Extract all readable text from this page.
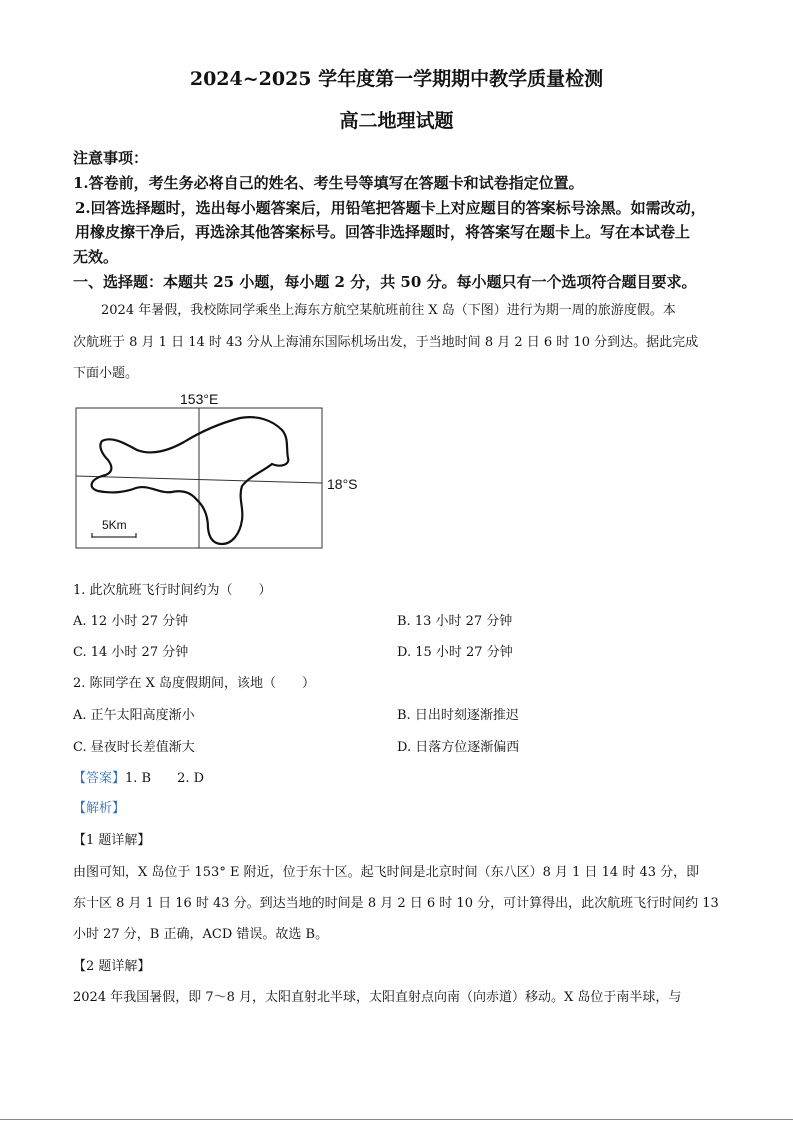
2024~2025 学年度第一学期期中教学质量检测
高二地理试题
注意事项：
1.答卷前，考生务必将自己的姓名、考生号等填写在答题卡和试卷指定位置。
2.回答选择题时，选出每小题答案后，用铅笔把答题卡上对应题目的答案标号涂黑。如需改动，
用橡皮擦干净后，再选涂其他答案标号。回答非选择题时，将答案写在题卡上。写在本试卷上
无效。
一、选择题：本题共 25 小题，每小题 2 分，共 50 分。每小题只有一个选项符合题目要求。
2024 年暑假，我校陈同学乘坐上海东方航空某航班前往 X 岛（下图）进行为期一周的旅游度假。本
次航班于 8 月 1 日 14 时 43 分从上海浦东国际机场出发，于当地时间 8 月 2 日 6 时 10 分到达。据此完成
下面小题。
153°E
18°S
5Km
1. 此次航班飞行时间约为（　　）
A. 12 小时 27 分钟	B. 13 小时 27 分钟
C. 14 小时 27 分钟	D. 15 小时 27 分钟
2. 陈同学在 X 岛度假期间，该地（　　）
A. 正午太阳高度渐小	B. 日出时刻逐渐推迟
C. 昼夜时长差值渐大	D. 日落方位逐渐偏西
【答案】1. B　　2. D
【解析】
【1 题详解】
由图可知，X 岛位于 153° E 附近，位于东十区。起飞时间是北京时间（东八区）8 月 1 日 14 时 43 分，即
东十区 8 月 1 日 16 时 43 分。到达当地的时间是 8 月 2 日 6 时 10 分，可计算得出，此次航班飞行时间约 13
小时 27 分，B 正确，ACD 错误。故选 B。
【2 题详解】
2024 年我国暑假，即 7～8 月，太阳直射北半球，太阳直射点向南（向赤道）移动。X 岛位于南半球，与
